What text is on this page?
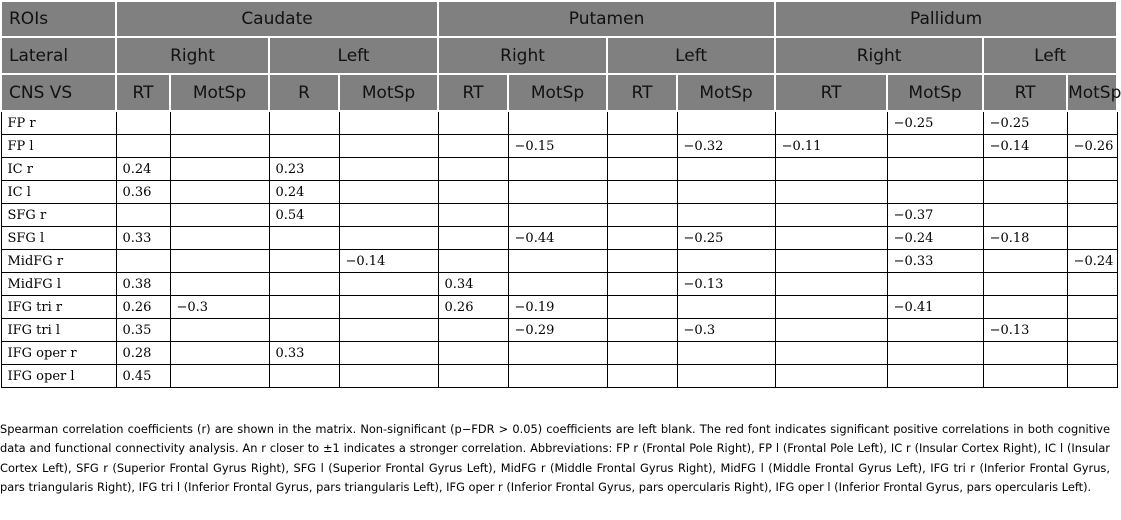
ROIs	Caudate				Putamen				Pallidum			
Lateral	Right		Left		Right		Left		Right		Left	
CNS VS	RT	MotSp	R	MotSp	RT	MotSp	RT	MotSp	RT	MotSp	RT	MotSp
FP r										−0.25	−0.25	
FP l						−0.15		−0.32	−0.11		−0.14	−0.26
IC r	0.24		0.23									
IC l	0.36		0.24									
SFG r			0.54							−0.37		
SFG l	0.33					−0.44		−0.25		−0.24	−0.18	
MidFG r				−0.14						−0.33		−0.24
MidFG l	0.38				0.34			−0.13				
IFG tri r	0.26	−0.3			0.26	−0.19				−0.41		
IFG tri l	0.35					−0.29		−0.3			−0.13	
IFG oper r	0.28		0.33									
IFG oper l	0.45											
Spearman correlation coefficients (r) are shown in the matrix. Non-significant (p−FDR > 0.05) coefficients are left blank. The red font indicates significant positive correlations in both cognitive data and functional connectivity analysis. An r closer to ±1 indicates a stronger correlation. Abbreviations: FP r (Frontal Pole Right), FP l (Frontal Pole Left), IC r (Insular Cortex Right), IC l (Insular Cortex Left), SFG r (Superior Frontal Gyrus Right), SFG l (Superior Frontal Gyrus Left), MidFG r (Middle Frontal Gyrus Right), MidFG l (Middle Frontal Gyrus Left), IFG tri r (Inferior Frontal Gyrus, pars triangularis Right), IFG tri l (Inferior Frontal Gyrus, pars triangularis Left), IFG oper r (Inferior Frontal Gyrus, pars opercularis Right), IFG oper l (Inferior Frontal Gyrus, pars opercularis Left).
